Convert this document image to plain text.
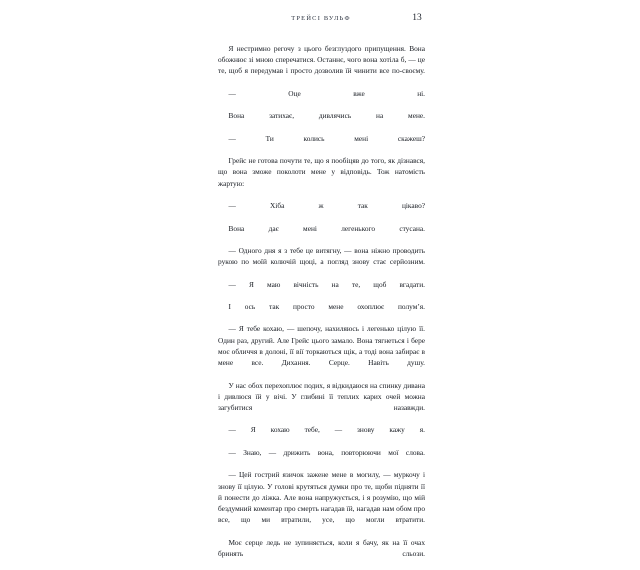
ТРЕЙСІ ВУЛЬФ	13

Я нестримно регочу з цього безглуздого припущення. Вона обожнює зі мною сперечатися. Останнє, чого вона хотіла б, — це те, щоб я передумав і просто дозволив їй чинити все по-своєму.

— Оце вже ні.

Вона затихає, дивлячись на мене.

— Ти колись мені скажеш?

Грейс не готова почути те, що я пообіцяв до того, як дізнався, що вона зможе поколоти мене у відповідь. Тож натомість жартую:

— Хіба ж так цікаво?

Вона дає мені легенького стусана.

— Одного дня я з тебе це витягну, — вона ніжно проводить рукою по моїй колючій щоці, а погляд знову стає серйозним.

— Я маю вічність на те, щоб вгадати.

І ось так просто мене охоплює полум’я.

— Я тебе кохаю, — шепочу, нахиляюсь і легенько цілую її. Один раз, другий. Але Грейс цього замало. Вона тягнеться і бере моє обличчя в долоні, її вії торкаються щік, а тоді вона забирає в мене все. Дихання. Серце. Навіть душу.

У нас обох перехоплює подих, я відкидаюся на спинку дивана і дивлюся їй у вічі. У глибині її теплих карих очей можна загубитися назавжди.

— Я кохаю тебе, — знову кажу я.

— Знаю, — дрижить вона, повторюючи мої слова.

— Цей гострий язичок зажене мене в могилу, — муркочу і знову її цілую. У голові крутяться думки про те, щоби підняти її й понести до ліжка. Але вона напружується, і я розумію, що мій бездумний коментар про смерть нагадав їй, нагадав нам обом про все, що ми втратили, усе, що могли втратити.

Моє серце ледь не зупиняється, коли я бачу, як на її очах бринять сльози.
